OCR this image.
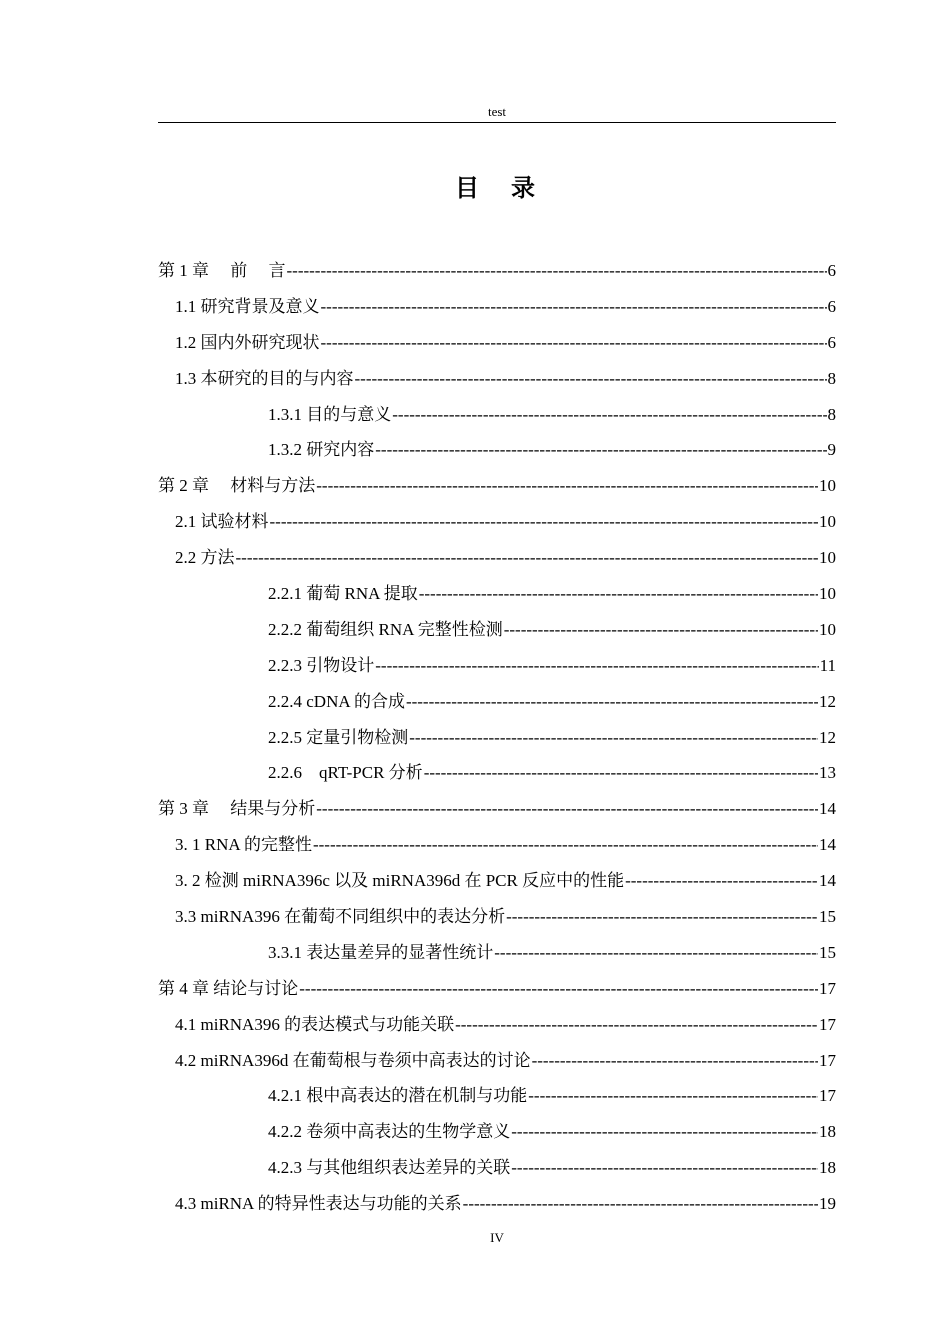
test
目　录
第 1 章　 前　 言 -----	6
1.1 研究背景及意义 -----	6
1.2 国内外研究现状 -----	6
1.3 本研究的目的与内容 -----	8
1.3.1 目的与意义 -----	8
1.3.2 研究内容 -----	9
第 2 章　 材料与方法 -----	10
2.1 试验材料 -----	10
2.2 方法 -----	10
2.2.1 葡萄 RNA 提取 -----	10
2.2.2 葡萄组织 RNA 完整性检测 -----	10
2.2.3 引物设计 -----	11
2.2.4 cDNA 的合成 -----	12
2.2.5 定量引物检测 -----	12
2.2.6　qRT-PCR 分析 -----	13
第 3 章　 结果与分析 -----	14
3. 1 RNA 的完整性 -----	14
3. 2 检测 miRNA396c 以及 miRNA396d 在 PCR 反应中的性能 -----	14
3.3 miRNA396 在葡萄不同组织中的表达分析 -----	15
3.3.1 表达量差异的显著性统计 -----	15
第 4 章 结论与讨论 -----	17
4.1 miRNA396 的表达模式与功能关联 -----	17
4.2 miRNA396d 在葡萄根与卷须中高表达的讨论 -----	17
4.2.1 根中高表达的潜在机制与功能 -----	17
4.2.2 卷须中高表达的生物学意义 -----	18
4.2.3 与其他组织表达差异的关联 -----	18
4.3 miRNA 的特异性表达与功能的关系 -----	19
IV
